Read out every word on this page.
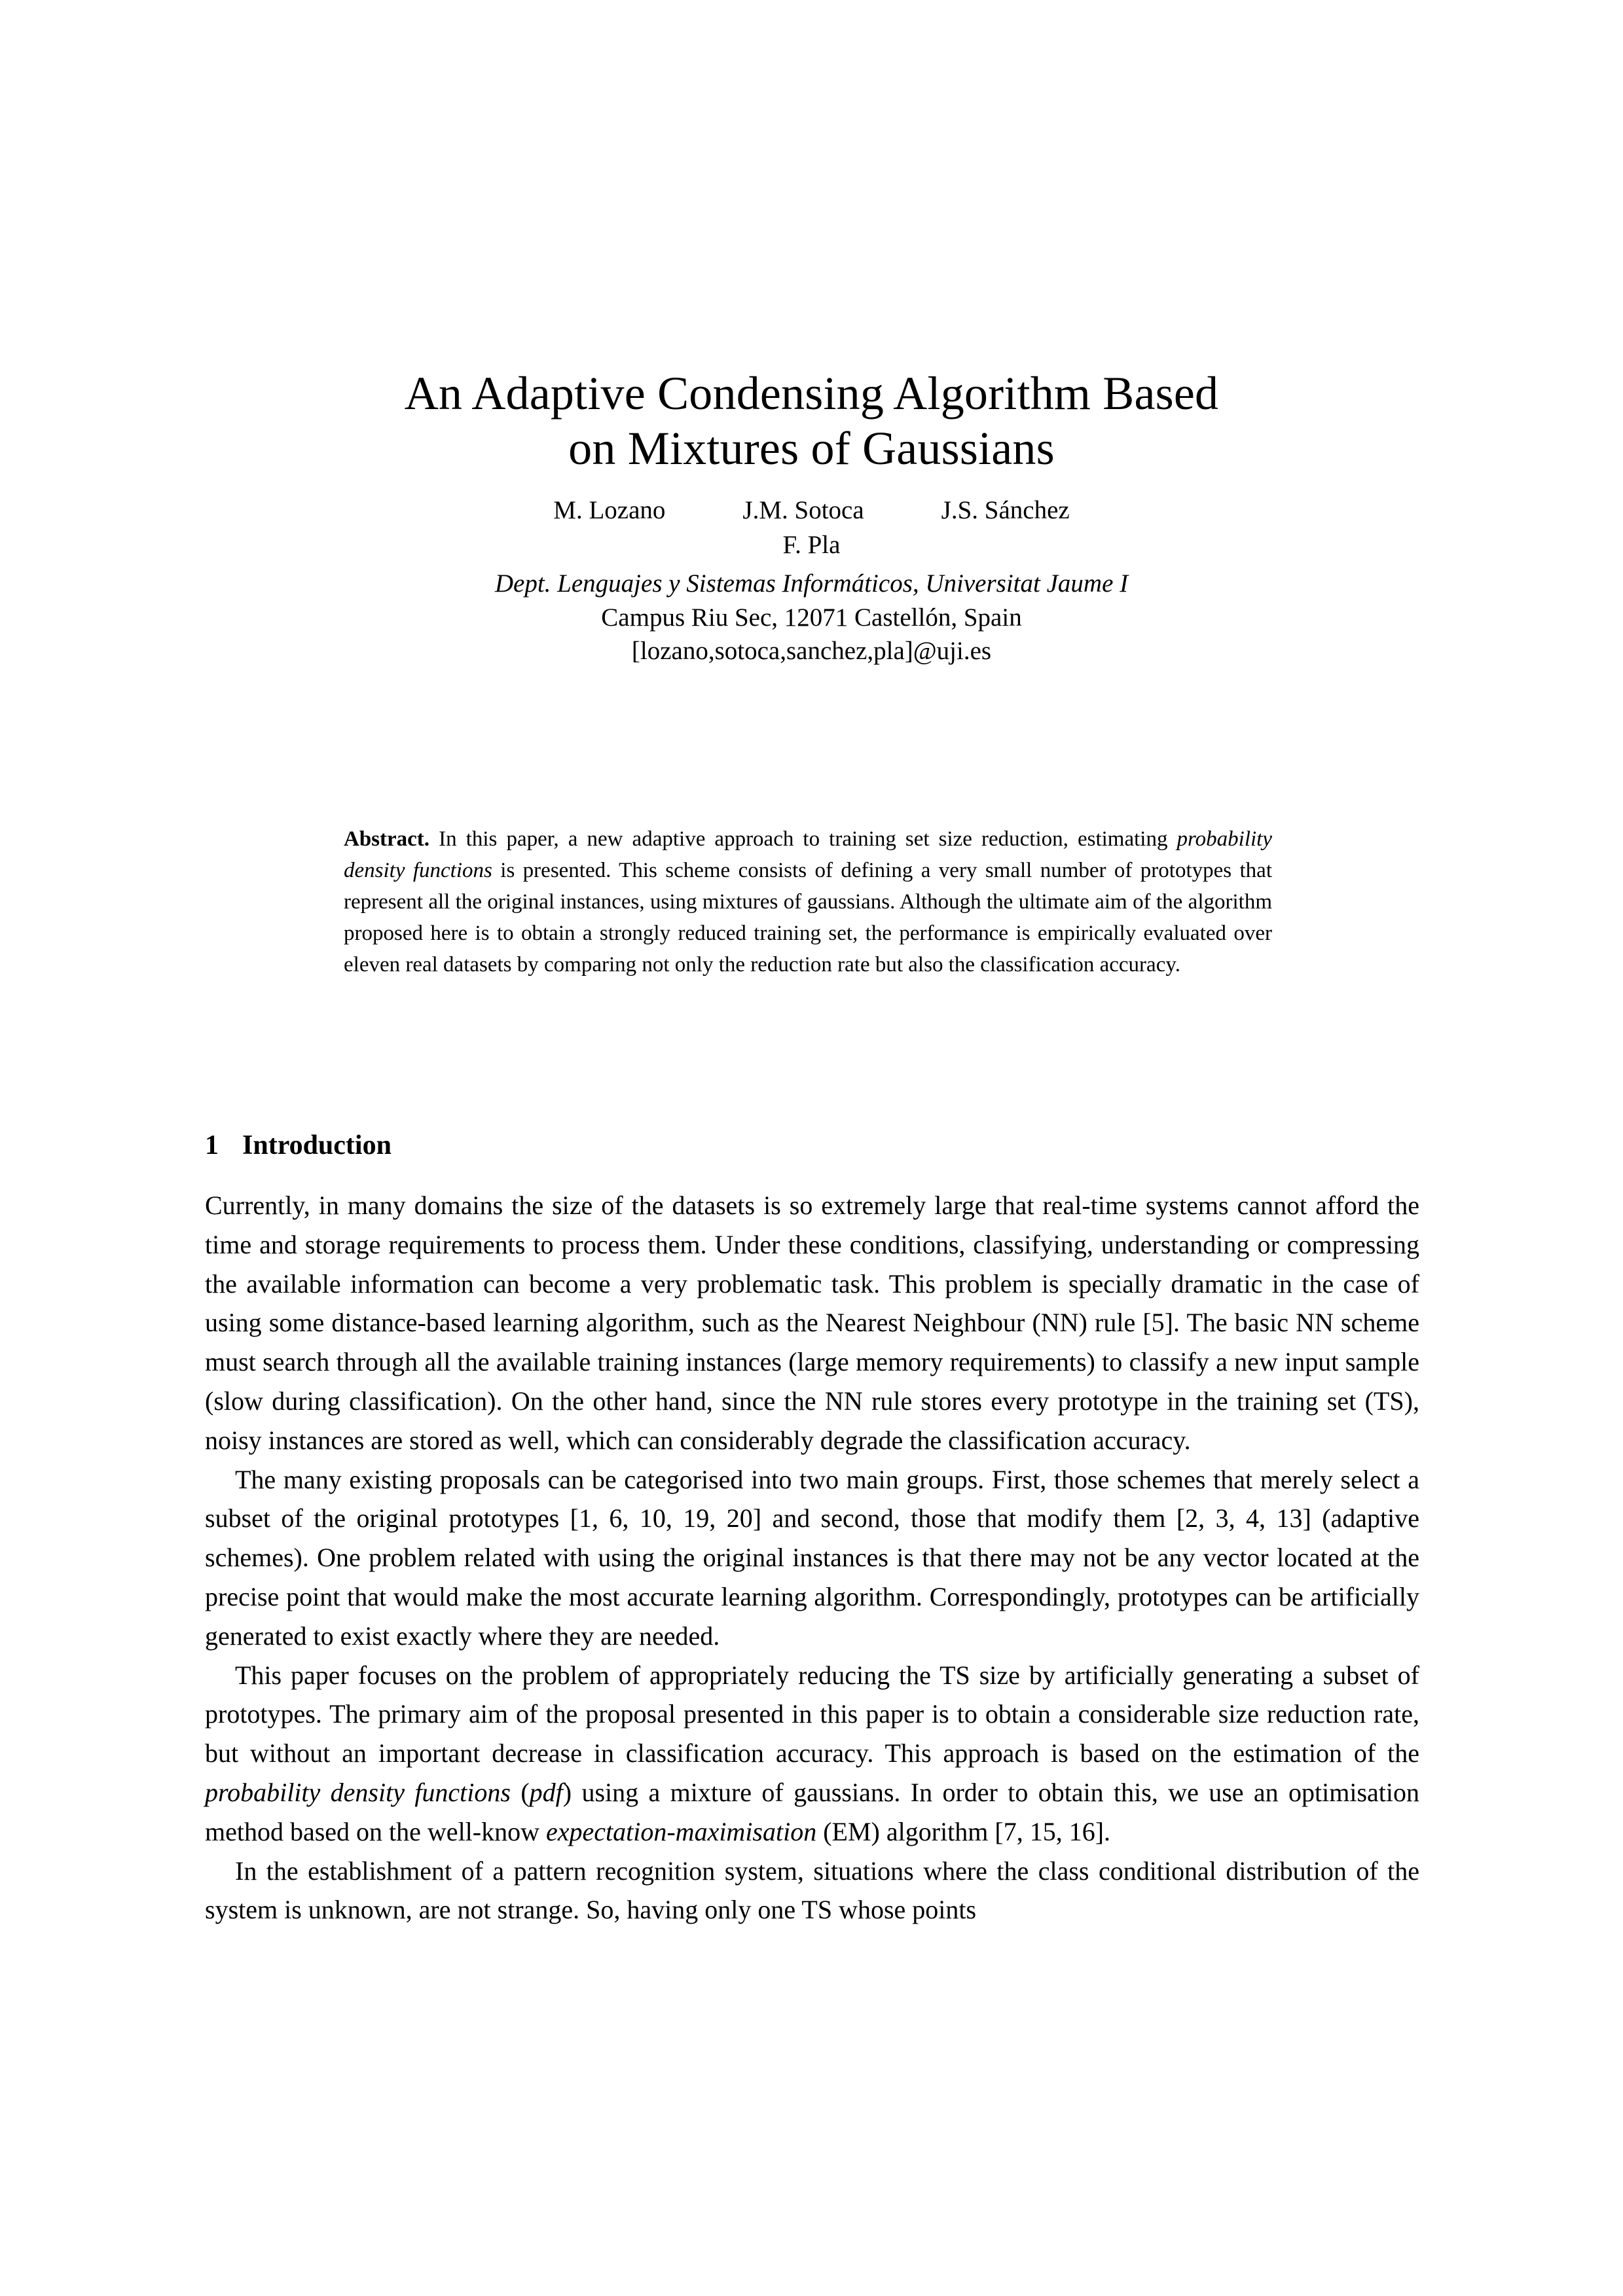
An Adaptive Condensing Algorithm Based
on Mixtures of Gaussians
M. Lozano	J.M. Sotoca	J.S. Sánchez
F. Pla
Dept. Lenguajes y Sistemas Informáticos, Universitat Jaume I
Campus Riu Sec, 12071 Castellón, Spain
[lozano,sotoca,sanchez,pla]@uji.es
Abstract. In this paper, a new adaptive approach to training set size reduction, estimating probability density functions is presented. This scheme consists of defining a very small number of prototypes that represent all the original instances, using mixtures of gaussians. Although the ultimate aim of the algorithm proposed here is to obtain a strongly reduced training set, the performance is empirically evaluated over eleven real datasets by comparing not only the reduction rate but also the classification accuracy.
1 Introduction

Currently, in many domains the size of the datasets is so extremely large that real-time systems cannot afford the time and storage requirements to process them. Under these conditions, classifying, understanding or compressing the available information can become a very problematic task. This problem is specially dramatic in the case of using some distance-based learning algorithm, such as the Nearest Neighbour (NN) rule [5]. The basic NN scheme must search through all the available training instances (large memory requirements) to classify a new input sample (slow during classification). On the other hand, since the NN rule stores every prototype in the training set (TS), noisy instances are stored as well, which can considerably degrade the classification accuracy.

The many existing proposals can be categorised into two main groups. First, those schemes that merely select a subset of the original prototypes [1, 6, 10, 19, 20] and second, those that modify them [2, 3, 4, 13] (adaptive schemes). One problem related with using the original instances is that there may not be any vector located at the precise point that would make the most accurate learning algorithm. Correspondingly, prototypes can be artificially generated to exist exactly where they are needed.

This paper focuses on the problem of appropriately reducing the TS size by artificially generating a subset of prototypes. The primary aim of the proposal presented in this paper is to obtain a considerable size reduction rate, but without an important decrease in classification accuracy. This approach is based on the estimation of the probability density functions (pdf) using a mixture of gaussians. In order to obtain this, we use an optimisation method based on the well-know expectation-maximisation (EM) algorithm [7, 15, 16].

In the establishment of a pattern recognition system, situations where the class conditional distribution of the system is unknown, are not strange. So, having only one TS whose points
